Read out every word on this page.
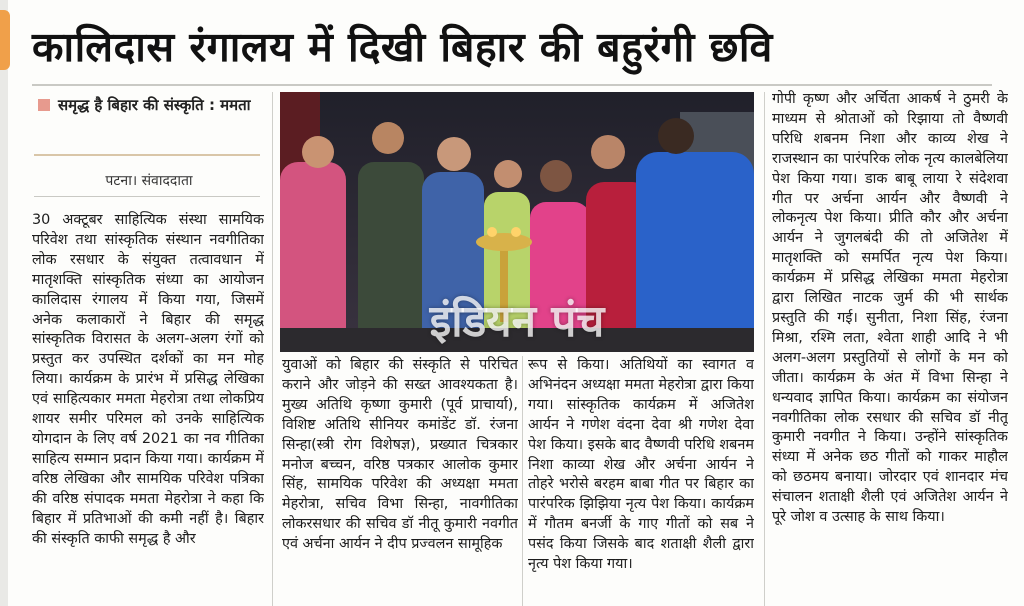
कालिदास रंगालय में दिखी बिहार की बहुरंगी छवि
समृद्ध है बिहार की संस्कृति : ममता
पटना। संवाददाता

30 अक्टूबर साहित्यिक संस्था सामयिक परिवेश तथा सांस्कृतिक संस्थान नवगीतिका लोक रसधार के संयुक्त तत्वावधान में मातृशक्ति सांस्कृतिक संध्या का आयोजन कालिदास रंगालय में किया गया, जिसमें अनेक कलाकारों ने बिहार की समृद्ध सांस्कृतिक विरासत के अलग-अलग रंगों को प्रस्तुत कर उपस्थित दर्शकों का मन मोह लिया। कार्यक्रम के प्रारंभ में प्रसिद्ध लेखिका एवं साहित्यकार ममता मेहरोत्रा तथा लोकप्रिय शायर समीर परिमल को उनके साहित्यिक योगदान के लिए वर्ष 2021 का नव गीतिका साहित्य सम्मान प्रदान किया गया। कार्यक्रम में वरिष्ठ लेखिका और सामयिक परिवेश पत्रिका की वरिष्ठ संपादक ममता मेहरोत्रा ने कहा कि बिहार में प्रतिभाओं की कमी नहीं है। बिहार की संस्कृति काफी समृद्ध है और

इंडियन पंच

युवाओं को बिहार की संस्कृति से परिचित कराने और जोड़ने की सख्त आवश्यकता है। मुख्य अतिथि कृष्णा कुमारी (पूर्व प्राचार्या), विशिष्ट अतिथि सीनियर कमांडेंट डॉ. रंजना सिन्हा(स्त्री रोग विशेषज्ञ), प्रख्यात चित्रकार मनोज बच्चन, वरिष्ठ पत्रकार आलोक कुमार सिंह, सामयिक परिवेश की अध्यक्षा ममता मेहरोत्रा, सचिव विभा सिन्हा, नावगीतिका लोकरसधार की सचिव डॉ नीतू कुमारी नवगीत एवं अर्चना आर्यन ने दीप प्रज्वलन सामूहिक

रूप से किया। अतिथियों का स्वागत व अभिनंदन अध्यक्षा ममता मेहरोत्रा द्वारा किया गया। सांस्कृतिक कार्यक्रम में अजितेश आर्यन ने गणेश वंदना देवा श्री गणेश देवा पेश किया। इसके बाद वैष्णवी परिधि शबनम निशा काव्या शेख और अर्चना आर्यन ने तोहरे भरोसे बरहम बाबा गीत पर बिहार का पारंपरिक झिझिया नृत्य पेश किया। कार्यक्रम में गौतम बनर्जी के गाए गीतों को सब ने पसंद किया जिसके बाद शताक्षी शैली द्वारा नृत्य पेश किया गया।

गोपी कृष्ण और अर्चिता आकर्ष ने ठुमरी के माध्यम से श्रोताओं को रिझाया तो वैष्णवी परिधि शबनम निशा और काव्य शेख ने राजस्थान का पारंपरिक लोक नृत्य कालबेलिया पेश किया गया। डाक बाबू लाया रे संदेशवा गीत पर अर्चना आर्यन और वैष्णवी ने लोकनृत्य पेश किया। प्रीति कौर और अर्चना आर्यन ने जुगलबंदी की तो अजितेश में मातृशक्ति को समर्पित नृत्य पेश किया। कार्यक्रम में प्रसिद्ध लेखिका ममता मेहरोत्रा द्वारा लिखित नाटक जुर्म की भी सार्थक प्रस्तुति की गई। सुनीता, निशा सिंह, रंजना मिश्रा, रश्मि लता, श्वेता शाही आदि ने भी अलग-अलग प्रस्तुतियों से लोगों के मन को जीता। कार्यक्रम के अंत में विभा सिन्हा ने धन्यवाद ज्ञापित किया। कार्यक्रम का संयोजन नवगीतिका लोक रसधार की सचिव डॉ नीतू कुमारी नवगीत ने किया। उन्होंने सांस्कृतिक संध्या में अनेक छठ गीतों को गाकर माहौल को छठमय बनाया। जोरदार एवं शानदार मंच संचालन शताक्षी शैली एवं अजितेश आर्यन ने पूरे जोश व उत्साह के साथ किया।
